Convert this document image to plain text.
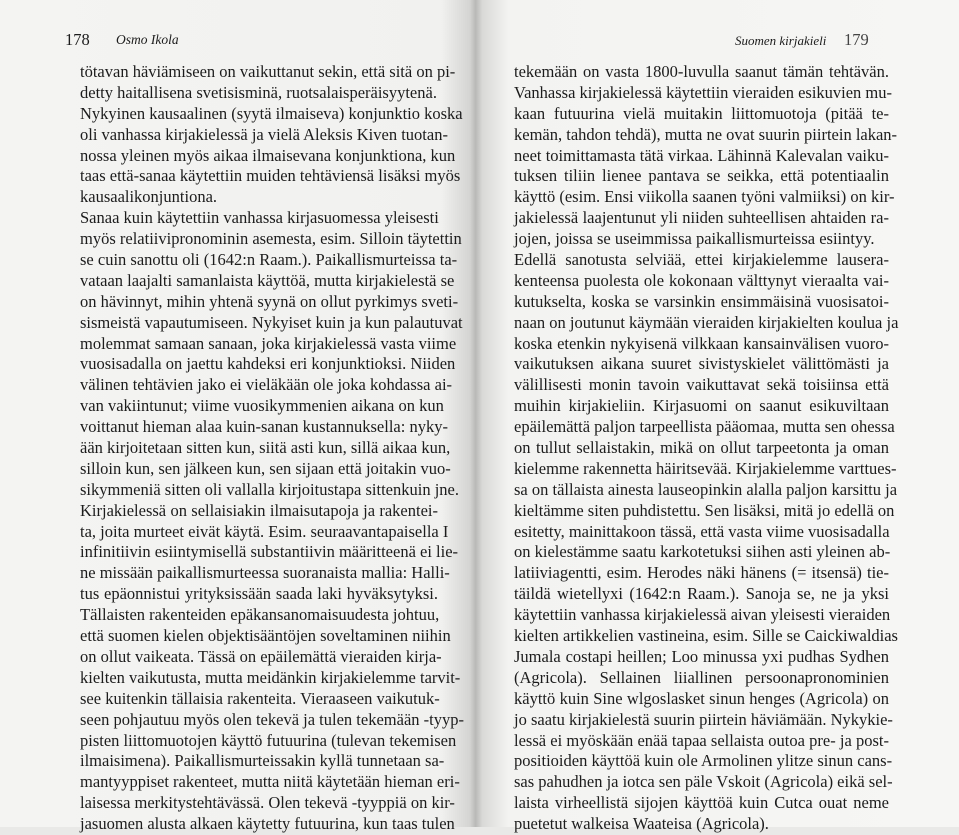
178 Osmo Ikola
tötavan häviämiseen on vaikuttanut sekin, että sitä on pi-
detty haitallisena svetisisminä, ruotsalaisperäisyytenä.
Nykyinen kausaalinen (syytä ilmaiseva) konjunktio koska
oli vanhassa kirjakielessä ja vielä Aleksis Kiven tuotan-
nossa yleinen myös aikaa ilmaisevana konjunktiona, kun
taas että-sanaa käytettiin muiden tehtäviensä lisäksi myös
kausaalikonjuntiona.
Sanaa kuin käytettiin vanhassa kirjasuomessa yleisesti
myös relatiivipronominin asemesta, esim. Silloin täytettin
se cuin sanottu oli (1642:n Raam.). Paikallismurteissa ta-
vataan laajalti samanlaista käyttöä, mutta kirjakielestä se
on hävinnyt, mihin yhtenä syynä on ollut pyrkimys sveti-
sismeistä vapautumiseen. Nykyiset kuin ja kun palautuvat
molemmat samaan sanaan, joka kirjakielessä vasta viime
vuosisadalla on jaettu kahdeksi eri konjunktioksi. Niiden
välinen tehtävien jako ei vieläkään ole joka kohdassa ai-
van vakiintunut; viime vuosikymmenien aikana on kun
voittanut hieman alaa kuin-sanan kustannuksella: nyky-
ään kirjoitetaan sitten kun, siitä asti kun, sillä aikaa kun,
silloin kun, sen jälkeen kun, sen sijaan että joitakin vuo-
sikymmeniä sitten oli vallalla kirjoitustapa sittenkuin jne.
Kirjakielessä on sellaisiakin ilmaisutapoja ja rakentei-
ta, joita murteet eivät käytä. Esim. seuraavantapaisella I
infinitiivin esiintymisellä substantiivin määritteenä ei lie-
ne missään paikallismurteessa suoranaista mallia: Halli-
tus epäonnistui yrityksissään saada laki hyväksytyksi.
Tällaisten rakenteiden epäkansanomaisuudesta johtuu,
että suomen kielen objektisääntöjen soveltaminen niihin
on ollut vaikeata. Tässä on epäilemättä vieraiden kirja-
kielten vaikutusta, mutta meidänkin kirjakielemme tarvit-
see kuitenkin tällaisia rakenteita. Vieraaseen vaikutuk-
seen pohjautuu myös olen tekevä ja tulen tekemään -tyyp-
pisten liittomuotojen käyttö futuurina (tulevan tekemisen
ilmaisimena). Paikallismurteissakin kyllä tunnetaan sa-
mantyyppiset rakenteet, mutta niitä käytetään hieman eri-
laisessa merkitystehtävässä. Olen tekevä -tyyppiä on kir-
jasuomen alusta alkaen käytetty futuurina, kun taas tulen
Suomen kirjakieli 179
tekemään on vasta 1800-luvulla saanut tämän tehtävän.
Vanhassa kirjakielessä käytettiin vieraiden esikuvien mu-
kaan futuurina vielä muitakin liittomuotoja (pitää te-
kemän, tahdon tehdä), mutta ne ovat suurin piirtein lakan-
neet toimittamasta tätä virkaa. Lähinnä Kalevalan vaiku-
tuksen tiliin lienee pantava se seikka, että potentiaalin
käyttö (esim. Ensi viikolla saanen työni valmiiksi) on kir-
jakielessä laajentunut yli niiden suhteellisen ahtaiden ra-
jojen, joissa se useimmissa paikallismurteissa esiintyy.
Edellä sanotusta selviää, ettei kirjakielemme lausera-
kenteensa puolesta ole kokonaan välttynyt vieraalta vai-
kutukselta, koska se varsinkin ensimmäisinä vuosisatoi-
naan on joutunut käymään vieraiden kirjakielten koulua ja
koska etenkin nykyisenä vilkkaan kansainvälisen vuoro-
vaikutuksen aikana suuret sivistyskielet välittömästi ja
välillisesti monin tavoin vaikuttavat sekä toisiinsa että
muihin kirjakieliin. Kirjasuomi on saanut esikuviltaan
epäilemättä paljon tarpeellista pääomaa, mutta sen ohessa
on tullut sellaistakin, mikä on ollut tarpeetonta ja oman
kielemme rakennetta häiritsevää. Kirjakielemme varttues-
sa on tällaista ainesta lauseopinkin alalla paljon karsittu ja
kieltämme siten puhdistettu. Sen lisäksi, mitä jo edellä on
esitetty, mainittakoon tässä, että vasta viime vuosisadalla
on kielestämme saatu karkotetuksi siihen asti yleinen ab-
latiiviagentti, esim. Herodes näki hänens (= itsensä) tie-
täildä wietellyxi (1642:n Raam.). Sanoja se, ne ja yksi
käytettiin vanhassa kirjakielessä aivan yleisesti vieraiden
kielten artikkelien vastineina, esim. Sille se Caickiwaldias
Jumala costapi heillen; Loo minussa yxi pudhas Sydhen
(Agricola). Sellainen liiallinen persoonapronominien
käyttö kuin Sine wlgoslasket sinun henges (Agricola) on
jo saatu kirjakielestä suurin piirtein häviämään. Nykykie-
lessä ei myöskään enää tapaa sellaista outoa pre- ja post-
positioiden käyttöä kuin ole Armolinen ylitze sinun cans-
sas pahudhen ja iotca sen päle Vskoit (Agricola) eikä sel-
laista virheellistä sijojen käyttöä kuin Cutca ouat neme
puetetut walkeisa Waateisa (Agricola).
